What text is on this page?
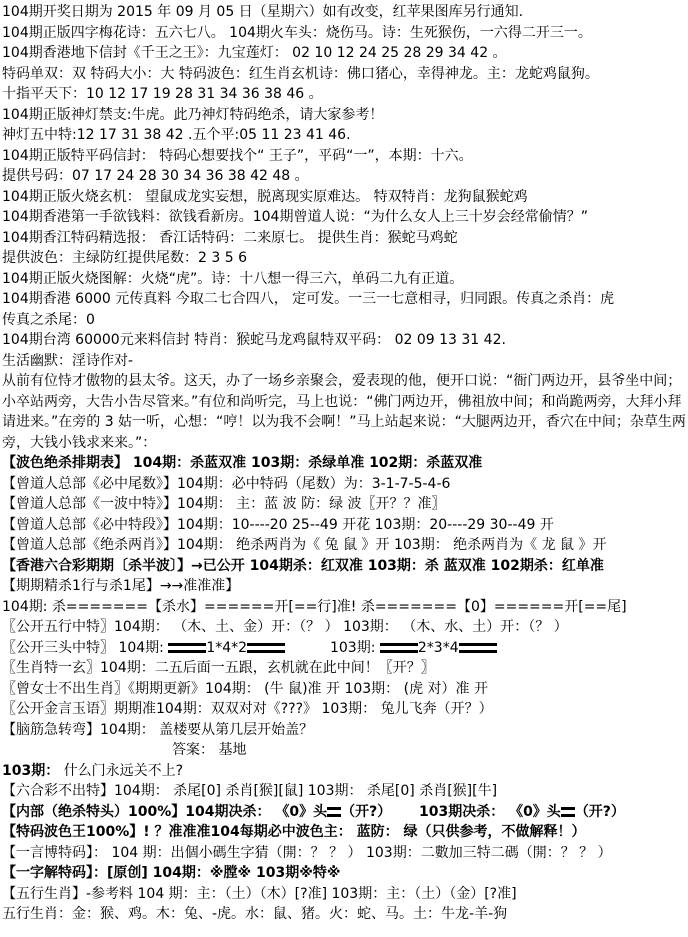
104期开奖日期为 2015 年 09 月 05 日（星期六）如有改变，红苹果图库另行通知.
104期正版四字梅花诗：五六七八。 104期火车头：烧伤马。诗：生死猴伤，一六得二开三一。
104期香港地下信封《千王之王》：九宝莲灯： 02 10 12 24 25 28 29 34 42 。
特码单双：双 特码大小：大 特码波色：红生肖玄机诗：佛口猪心，幸得神龙。主：龙蛇鸡鼠狗。
十指平天下：10 12 17 19 28 31 34 36 38 46 。
104期正版神灯禁支:牛虎。此乃神灯特码绝杀，请大家参考！
神灯五中特:12 17 31 38 42 .五个平:05 11 23 41 46.
104期正版特平码信封： 特码心想要找个“ 王子”，平码“一”，本期：十六。
提供号码：07 17 24 28 30 34 36 38 42 48 。
104期正版火烧玄机： 望鼠成龙实妄想，脱离现实原难达。 特双特肖：龙狗鼠猴蛇鸡
104期香港第一手欲钱料：欲钱看新房。104期曾道人说：“为什么女人上三十岁会经常偷情？”
104期香江特码精选报： 香江话特码：二来原七。 提供生肖：猴蛇马鸡蛇
提供波色：主绿防红提供尾数：2 3 5 6
104期正版火烧图解：火烧“虎”。诗：十八想一得三六，单码二九有正道。
104期香港 6000 元传真料 今取二七合四八， 定可发。一三一七意相寻，归同跟。传真之杀肖：虎
传真之杀尾：0
104期台湾 60000元来料信封 特肖：猴蛇马龙鸡鼠特双平码： 02 09 13 31 42.
生活幽默：淫诗作对-
从前有位恃才傲物的县太爷。这天，办了一场乡亲聚会，爱表现的他，便开口说：“衙门两边开，县爷坐中间；小卒站两旁，大告小告尽管来。”有位和尚听完，马上也说：“佛门两边开，佛祖放中间；和尚跪两旁，大拜小拜请进来。”在旁的 3 姑一听，心想：“哼！以为我不会啊！”马上站起来说：“大腿两边开，香穴在中间；杂草生两旁，大钱小钱求来来。”：
【波色绝杀排期表】 104期：杀蓝双准 103期：杀绿单准 102期：杀蓝双准
【曾道人总部《必中尾数》】104期：必中特码（尾数）为：3-1-7-5-4-6
【曾道人总部《一波中特》】104期： 主：蓝 波 防：绿 波〖开？？准〗
【曾道人总部《必中特段》】104期：10----20 25--49 开花 103期：20----29 30--49 开
【曾道人总部《绝杀两肖》】104期： 绝杀两肖为《 兔 鼠 》开 103期： 绝杀两肖为《 龙 鼠 》开
【香港六合彩期期〔杀半波〕】→已公开 104期杀：红双准 103期：杀 蓝双准 102期杀：红单准
【期期精杀1行与杀1尾】→→准准准】
104期: 杀=======【杀水】======开[==行]准! 杀=======【0】======开[==尾]
〖公开五行中特〗104期： （木、土、金）开：（？ ） 103期： （木、水、土）开：（？ ）
〖公开三头中特〗 104期:	1*4*2	103期:	2*3*4
〖生肖特一玄〗104期：二五后面一五跟，玄机就在此中间！〖开？〗
〖曾女士不出生肖〗《期期更新》104期： (牛 鼠)准 开 103期： (虎 对）准 开
〖公开金言玉语〗期期准104期：双双对对《???》 103期： 兔儿飞奔（开？）
【脑筋急转弯】104期： 盖楼要从第几层开始盖？
答案： 基地
103期： 什么门永远关不上?
【六合彩不出特】104期： 杀尾[0] 杀肖[猴][鼠] 103期： 杀尾[0] 杀肖[猴][牛]
【内部（绝杀特头）100%】104期决杀： 《0》头 （开?） 103期决杀： 《0》头 （开?）
【特码波色王100%】! ？准准准104每期必中波色主： 蓝防： 绿（只供参考，不做解释！）
【一言博特码】： 104 期：出個小碼生字猜（開：？ ？ ） 103期：二數加三特二碼（開：？ ？ ）
【一字解特码】：[原创] 104期：※膛※ 103期※特※
【五行生肖】-参考料 104 期：主：（土）（木）[?准] 103期：主：（土）（金）[?准]
五行生肖：金：猴、鸡。木：兔、-虎。水：鼠、猪。火：蛇、马。土：牛龙-羊-狗
